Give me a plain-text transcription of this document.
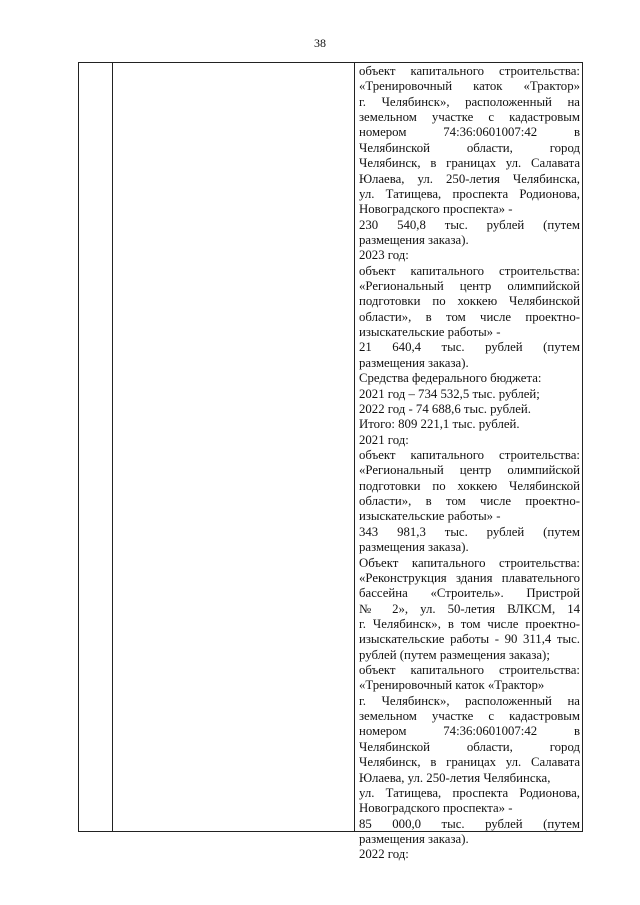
38
объект капитального строительства:
«Тренировочный каток «Трактор»
г. Челябинск», расположенный на
земельном участке с кадастровым
номером 74:36:0601007:42 в
Челябинской области, город
Челябинск, в границах ул. Салавата
Юлаева, ул. 250-летия Челябинска,
ул. Татищева, проспекта Родионова,
Новоградского проспекта» -
230 540,8 тыс. рублей (путем
размещения заказа).
2023 год:
объект капитального строительства:
«Региональный центр олимпийской
подготовки по хоккею Челябинской
области», в том числе проектно-
изыскательские работы» -
21 640,4 тыс. рублей (путем
размещения заказа).
Средства федерального бюджета:
2021 год – 734 532,5 тыс. рублей;
2022 год - 74 688,6 тыс. рублей.
Итого: 809 221,1 тыс. рублей.
2021 год:
объект капитального строительства:
«Региональный центр олимпийской
подготовки по хоккею Челябинской
области», в том числе проектно-
изыскательские работы» -
343 981,3 тыс. рублей (путем
размещения заказа).
Объект капитального строительства:
«Реконструкция здания плавательного
бассейна «Строитель». Пристрой
№ 2», ул. 50-летия ВЛКСМ, 14
г. Челябинск», в том числе проектно-
изыскательские работы - 90 311,4 тыс.
рублей (путем размещения заказа);
объект капитального строительства:
«Тренировочный каток «Трактор»
г. Челябинск», расположенный на
земельном участке с кадастровым
номером 74:36:0601007:42 в
Челябинской области, город
Челябинск, в границах ул. Салавата
Юлаева, ул. 250-летия Челябинска,
ул. Татищева, проспекта Родионова,
Новоградского проспекта» -
85 000,0 тыс. рублей (путем
размещения заказа).
2022 год:
